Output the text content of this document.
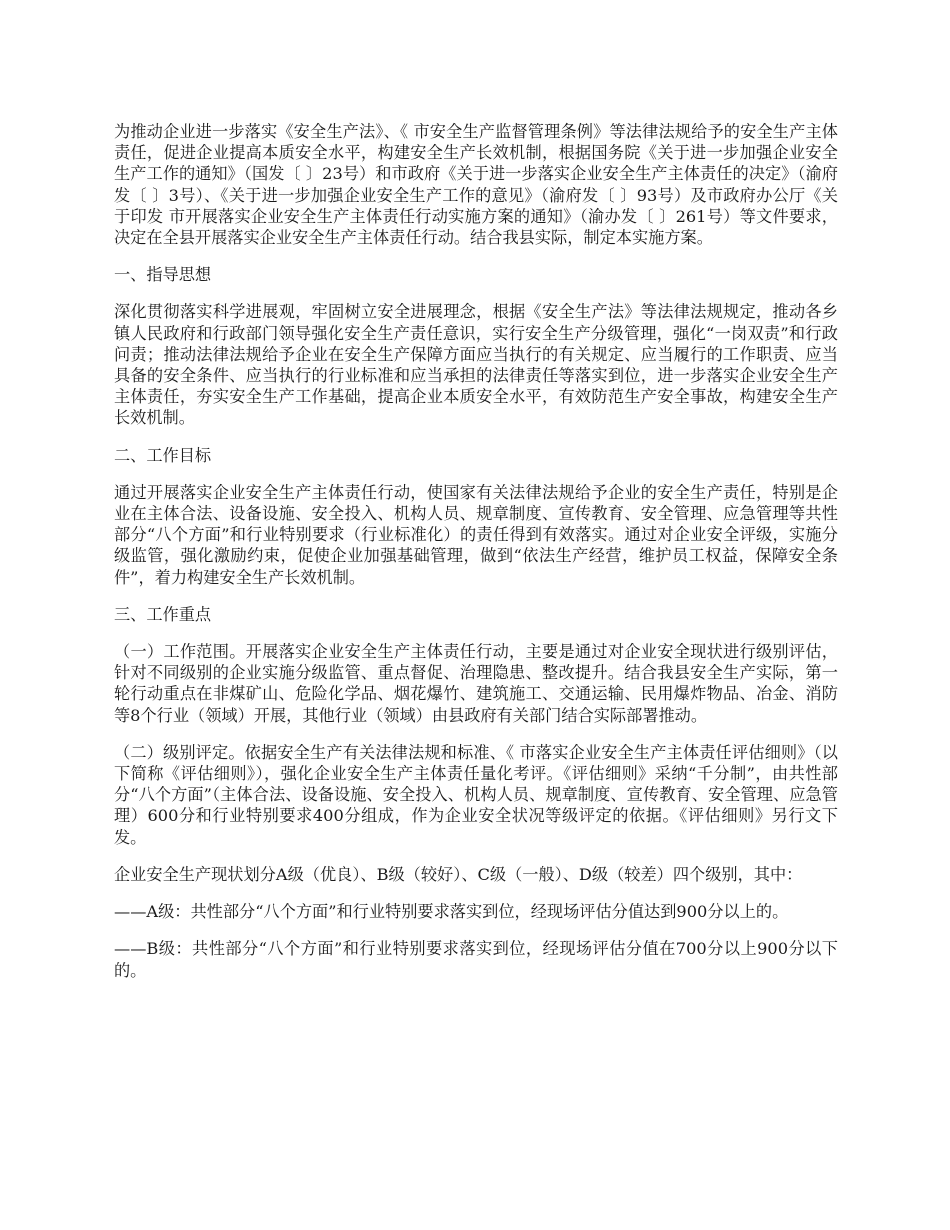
为推动企业进一步落实《安全生产法》、《 市安全生产监督管理条例》等法律法规给予的安全生产主体责任，促进企业提高本质安全水平，构建安全生产长效机制，根据国务院《关于进一步加强企业安全生产工作的通知》（国发〔 〕23号）和市政府《关于进一步落实企业安全生产主体责任的决定》（渝府发〔 〕3号）、《关于进一步加强企业安全生产工作的意见》（渝府发〔 〕93号）及市政府办公厅《关于印发 市开展落实企业安全生产主体责任行动实施方案的通知》（渝办发〔 〕261号）等文件要求，决定在全县开展落实企业安全生产主体责任行动。结合我县实际，制定本实施方案。

一、指导思想

深化贯彻落实科学进展观，牢固树立安全进展理念，根据《安全生产法》等法律法规规定，推动各乡镇人民政府和行政部门领导强化安全生产责任意识，实行安全生产分级管理，强化“一岗双责”和行政问责；推动法律法规给予企业在安全生产保障方面应当执行的有关规定、应当履行的工作职责、应当具备的安全条件、应当执行的行业标准和应当承担的法律责任等落实到位，进一步落实企业安全生产主体责任，夯实安全生产工作基础，提高企业本质安全水平，有效防范生产安全事故，构建安全生产长效机制。

二、工作目标

通过开展落实企业安全生产主体责任行动，使国家有关法律法规给予企业的安全生产责任，特别是企业在主体合法、设备设施、安全投入、机构人员、规章制度、宣传教育、安全管理、应急管理等共性部分“八个方面”和行业特别要求（行业标准化）的责任得到有效落实。通过对企业安全评级，实施分级监管，强化激励约束，促使企业加强基础管理，做到“依法生产经营，维护员工权益，保障安全条件”，着力构建安全生产长效机制。

三、工作重点

（一）工作范围。开展落实企业安全生产主体责任行动，主要是通过对企业安全现状进行级别评估，针对不同级别的企业实施分级监管、重点督促、治理隐患、整改提升。结合我县安全生产实际，第一轮行动重点在非煤矿山、危险化学品、烟花爆竹、建筑施工、交通运输、民用爆炸物品、冶金、消防等8个行业（领域）开展，其他行业（领域）由县政府有关部门结合实际部署推动。

（二）级别评定。依据安全生产有关法律法规和标准、《 市落实企业安全生产主体责任评估细则》（以下简称《评估细则》），强化企业安全生产主体责任量化考评。《评估细则》采纳“千分制”，由共性部分“八个方面”（主体合法、设备设施、安全投入、机构人员、规章制度、宣传教育、安全管理、应急管理）600分和行业特别要求400分组成，作为企业安全状况等级评定的依据。《评估细则》另行文下发。

企业安全生产现状划分A级（优良）、B级（较好）、C级（一般）、D级（较差）四个级别，其中：

——A级：共性部分“八个方面”和行业特别要求落实到位，经现场评估分值达到900分以上的。

——B级：共性部分“八个方面”和行业特别要求落实到位，经现场评估分值在700分以上900分以下的。
